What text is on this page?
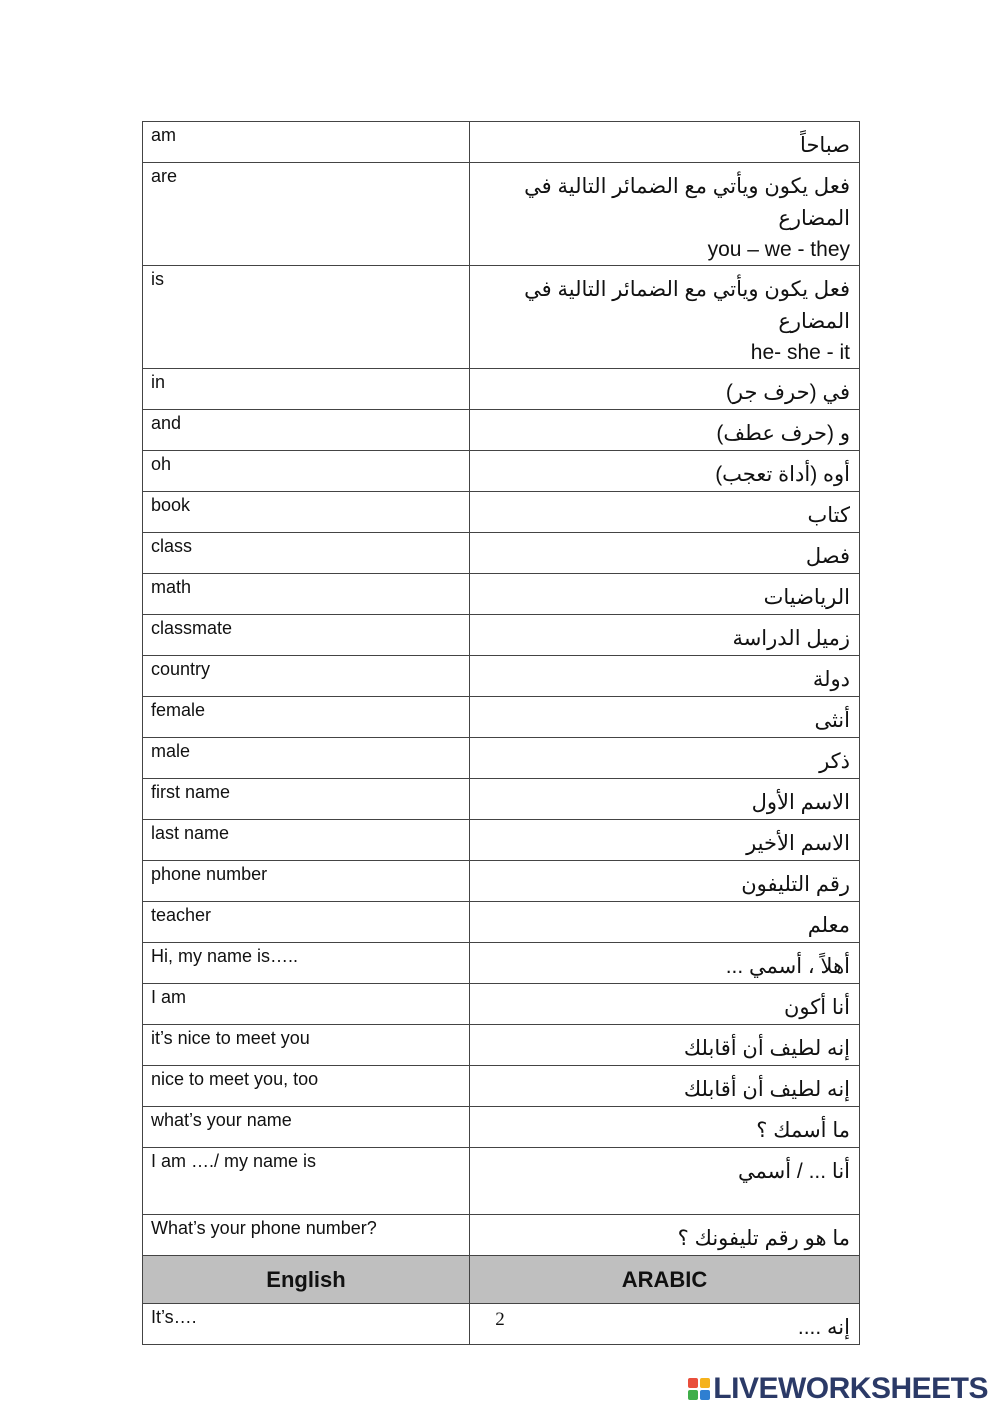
am	صباحاً
are	فعل يكون ويأتي مع الضمائر التالية في المضارع
you – we - they

is	فعل يكون ويأتي مع الضمائر التالية في المضارع
he- she - it

in	في (حرف جر)
and	و (حرف عطف)
oh	أوه (أداة تعجب)
book	كتاب
class	فصل
math	الرياضيات
classmate	زميل الدراسة
country	دولة
female	أنثى
male	ذكر
first name	الاسم الأول
last name	الاسم الأخير
phone number	رقم التليفون
teacher	معلم
Hi, my name is…..	أهلاً ، أسمي ...
I am	أنا أكون
it’s nice to meet you	إنه لطيف أن أقابلك
nice to meet you, too	إنه لطيف أن أقابلك
what’s your name	ما أسمك ؟
I am …./ my name is	أنا ... / أسمي
What’s your phone number?	ما هو رقم تليفونك ؟
English	ARABIC
It’s….	إنه ....
2
LIVEWORKSHEETS
